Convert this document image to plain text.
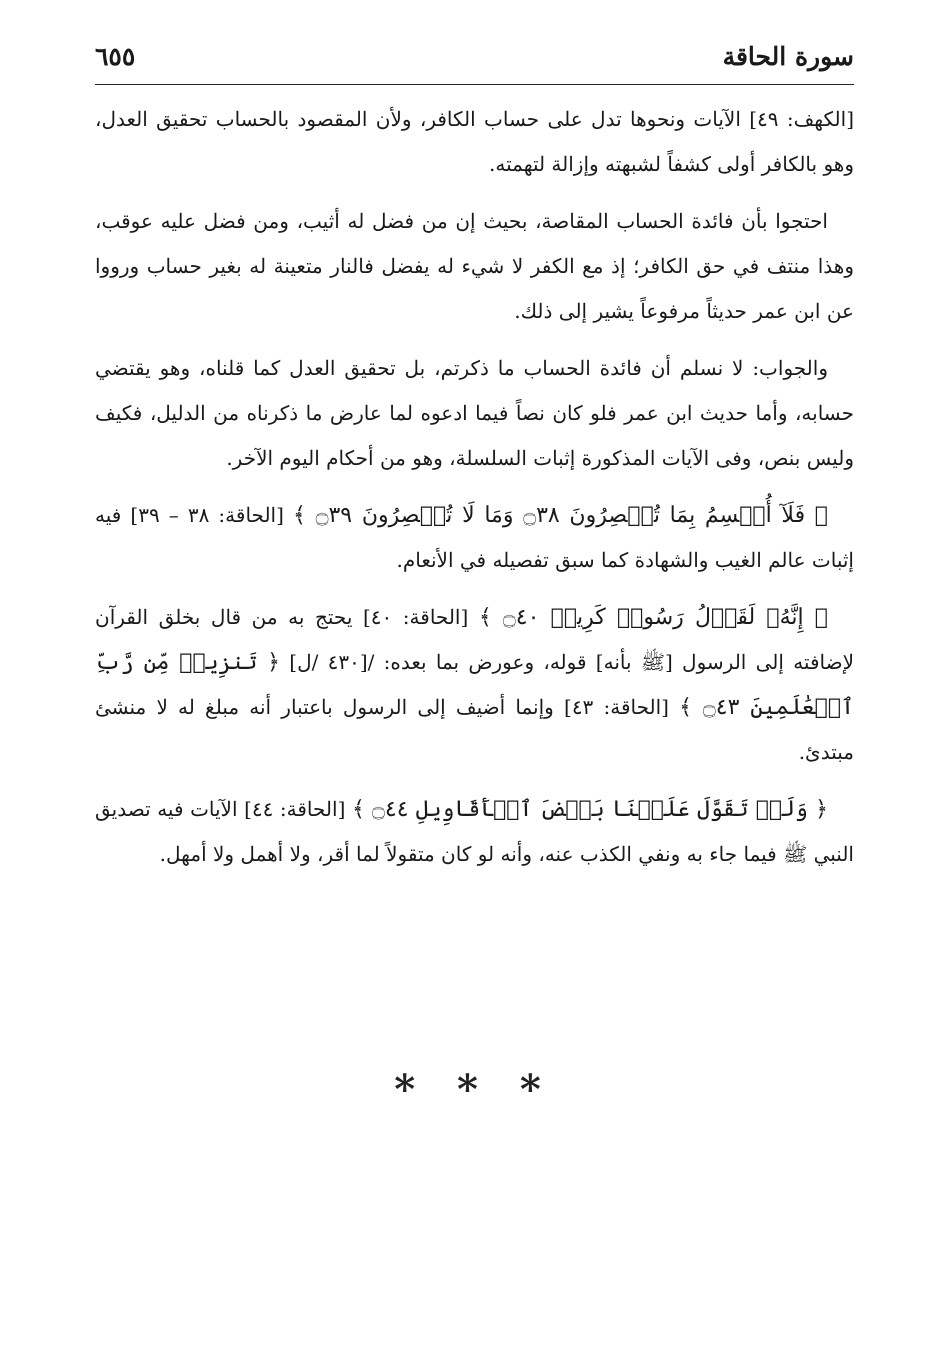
سورة الحاقة
٦٥٥

[الكهف: ٤٩] الآيات ونحوها تدل على حساب الكافر، ولأن المقصود بالحساب تحقيق العدل، وهو بالكافر أولى كشفاً لشبهته وإزالة لتهمته.

احتجوا بأن فائدة الحساب المقاصة، بحيث إن من فضل له أثيب، ومن فضل عليه عوقب، وهذا منتف في حق الكافر؛ إذ مع الكفر لا شيء له يفضل فالنار متعينة له بغير حساب ورووا عن ابن عمر حديثاً مرفوعاً يشير إلى ذلك.

والجواب: لا نسلم أن فائدة الحساب ما ذكرتم، بل تحقيق العدل كما قلناه، وهو يقتضي حسابه، وأما حديث ابن عمر فلو كان نصاً فيما ادعوه لما عارض ما ذكرناه من الدليل، فكيف وليس بنص، وفى الآيات المذكورة إثبات السلسلة، وهو من أحكام اليوم الآخر.

﴿ فَلَآ أُقۡسِمُ بِمَا تُبۡصِرُونَ ۝٣٨ وَمَا لَا تُبۡصِرُونَ ۝٣٩ ﴾ [الحاقة: ٣٨ – ٣٩] فيه إثبات عالم الغيب والشهادة كما سبق تفصيله في الأنعام.

﴿ إِنَّهُۥ لَقَوۡلُ رَسُولٖ كَرِيمٖ ۝٤٠ ﴾ [الحاقة: ٤٠] يحتج به من قال بخلق القرآن لإضافته إلى الرسول [ﷺ بأنه] قوله، وعورض بما بعده: /[٤٣٠ /ل] ﴿ تَنزِيلٞ مِّن رَّبِّ ٱلۡعَٰلَمِينَ ۝٤٣ ﴾ [الحاقة: ٤٣] وإنما أضيف إلى الرسول باعتبار أنه مبلغ له لا منشئ مبتدئ.

﴿ وَلَوۡ تَقَوَّلَ عَلَيۡنَا بَعۡضَ ٱلۡأَقَاوِيلِ ۝٤٤ ﴾ [الحاقة: ٤٤] الآيات فيه تصديق النبي ﷺ فيما جاء به ونفي الكذب عنه، وأنه لو كان متقولاً لما أقر، ولا أهمل ولا أمهل.

* * *
